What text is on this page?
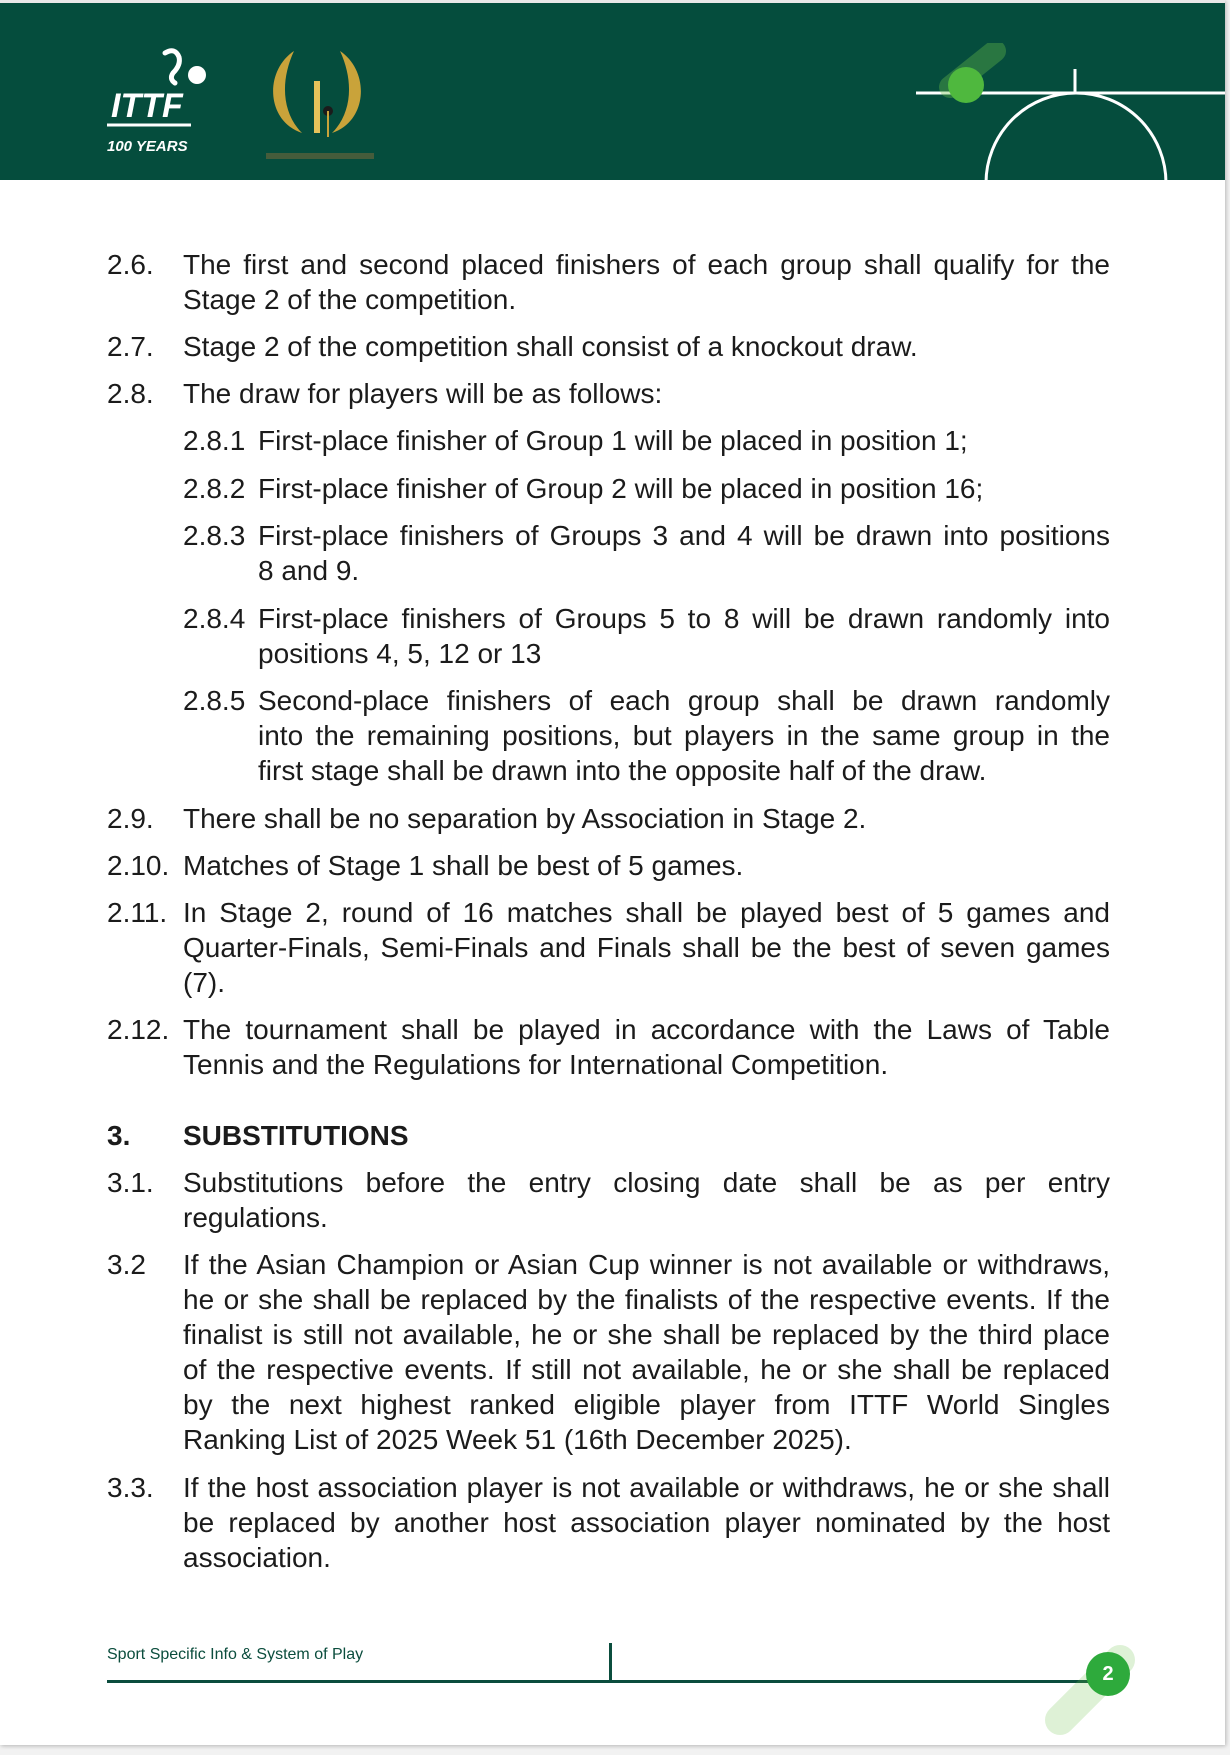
ITTF
100 YEARS
2.6. The first and second placed finishers of each group shall qualify for the
Stage 2 of the competition.
2.7. Stage 2 of the competition shall consist of a knockout draw.
2.8. The draw for players will be as follows:
2.8.1 First-place finisher of Group 1 will be placed in position 1;
2.8.2 First-place finisher of Group 2 will be placed in position 16;
2.8.3 First-place finishers of Groups 3 and 4 will be drawn into positions
8 and 9.
2.8.4 First-place finishers of Groups 5 to 8 will be drawn randomly into
positions 4, 5, 12 or 13
2.8.5 Second-place finishers of each group shall be drawn randomly
into the remaining positions, but players in the same group in the
first stage shall be drawn into the opposite half of the draw.
2.9. There shall be no separation by Association in Stage 2.
2.10. Matches of Stage 1 shall be best of 5 games.
2.11. In Stage 2, round of 16 matches shall be played best of 5 games and
Quarter-Finals, Semi-Finals and Finals shall be the best of seven games
(7).
2.12. The tournament shall be played in accordance with the Laws of Table
Tennis and the Regulations for International Competition.
3. SUBSTITUTIONS
3.1. Substitutions before the entry closing date shall be as per entry
regulations.
3.2 If the Asian Champion or Asian Cup winner is not available or withdraws,
he or she shall be replaced by the finalists of the respective events. If the
finalist is still not available, he or she shall be replaced by the third place
of the respective events. If still not available, he or she shall be replaced
by the next highest ranked eligible player from ITTF World Singles
Ranking List of 2025 Week 51 (16th December 2025).
3.3. If the host association player is not available or withdraws, he or she shall
be replaced by another host association player nominated by the host
association.
Sport Specific Info & System of Play
2
